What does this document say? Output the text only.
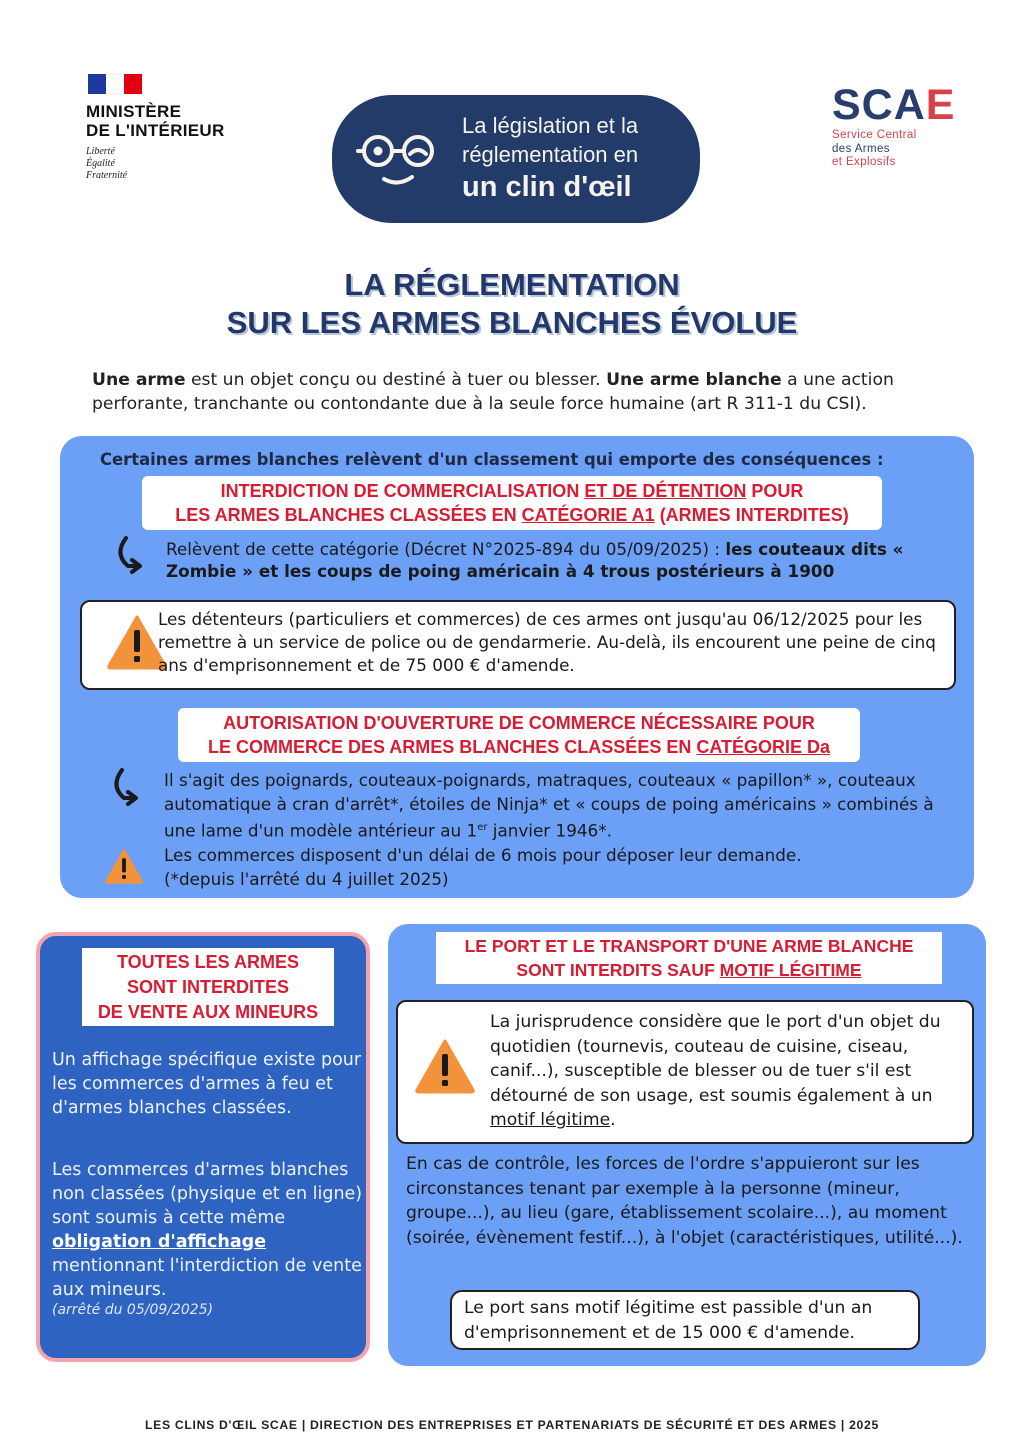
MINISTÈRE
DE L'INTÉRIEUR
Liberté
Égalité
Fraternité
La législation et la
réglementation en
un clin d'œil
SCAE
Service Central
des Armes
et Explosifs
LA RÉGLEMENTATION
SUR LES ARMES BLANCHES ÉVOLUE
Une arme est un objet conçu ou destiné à tuer ou blesser. Une arme blanche a une action perforante, tranchante ou contondante due à la seule force humaine (art R 311-1 du CSI).
Certaines armes blanches relèvent d'un classement qui emporte des conséquences :
INTERDICTION DE COMMERCIALISATION ET DE DÉTENTION POUR
LES ARMES BLANCHES CLASSÉES EN CATÉGORIE A1 (ARMES INTERDITES)
Relèvent de cette catégorie (Décret N°2025-894 du 05/09/2025) : les couteaux dits « Zombie » et les coups de poing américain à 4 trous postérieurs à 1900
Les détenteurs (particuliers et commerces) de ces armes ont jusqu'au 06/12/2025 pour les remettre à un service de police ou de gendarmerie. Au-delà, ils encourent une peine de cinq ans d'emprisonnement et de 75 000 € d'amende.
AUTORISATION D'OUVERTURE DE COMMERCE NÉCESSAIRE POUR
LE COMMERCE DES ARMES BLANCHES CLASSÉES EN CATÉGORIE Da
Il s'agit des poignards, couteaux-poignards, matraques, couteaux « papillon* », couteaux automatique à cran d'arrêt*, étoiles de Ninja* et « coups de poing américains » combinés à une lame d'un modèle antérieur au 1er janvier 1946*.
Les commerces disposent d'un délai de 6 mois pour déposer leur demande.
(*depuis l'arrêté du 4 juillet 2025)
TOUTES LES ARMES
SONT INTERDITES
DE VENTE AUX MINEURS
Un affichage spécifique existe pour les commerces d'armes à feu et d'armes blanches classées.
Les commerces d'armes blanches non classées (physique et en ligne) sont soumis à cette même obligation d'affichage mentionnant l'interdiction de vente aux mineurs.
(arrêté du 05/09/2025)
LE PORT ET LE TRANSPORT D'UNE ARME BLANCHE
SONT INTERDITS SAUF MOTIF LÉGITIME
La jurisprudence considère que le port d'un objet du quotidien (tournevis, couteau de cuisine, ciseau, canif...), susceptible de blesser ou de tuer s'il est détourné de son usage, est soumis également à un motif légitime.
En cas de contrôle, les forces de l'ordre s'appuieront sur les circonstances tenant par exemple à la personne (mineur, groupe...), au lieu (gare, établissement scolaire...), au moment (soirée, évènement festif...), à l'objet (caractéristiques, utilité...).
Le port sans motif légitime est passible d'un an d'emprisonnement et de 15 000 € d'amende.
LES CLINS D'ŒIL SCAE | DIRECTION DES ENTREPRISES ET PARTENARIATS DE SÉCURITÉ ET DES ARMES | 2025
